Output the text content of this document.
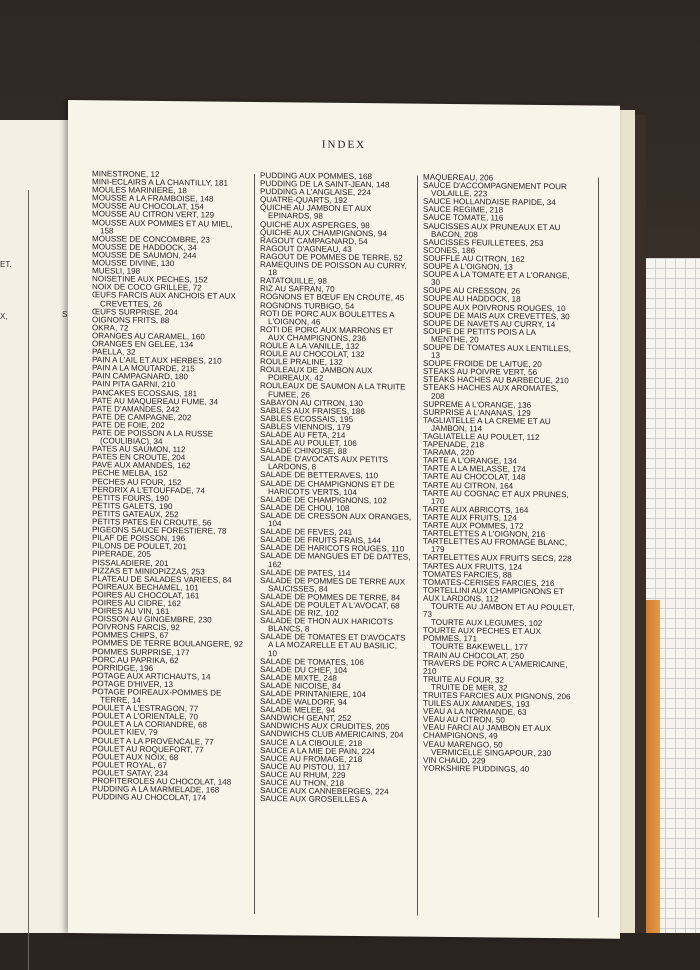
ET.
S
X,
INDEX
MINESTRONE, 12
MINI-ECLAIRS A LA CHANTILLY, 181
MOULES MARINIERE, 18
MOUSSE A LA FRAMBOISE, 148
MOUSSE AU CHOCOLAT, 154
MOUSSE AU CITRON VERT, 129
MOUSSE AUX POMMES ET AU MIEL,
158
MOUSSE DE CONCOMBRE, 23
MOUSSE DE HADDOCK, 34
MOUSSE DE SAUMON, 244
MOUSSE DIVINE, 130
MUESLI, 198
NOISETINE AUX PECHES, 152
NOIX DE COCO GRILLEE, 72
ŒUFS FARCIS AUX ANCHOIS ET AUX
CREVETTES, 26
ŒUFS SURPRISE, 204
OIGNONS FRITS, 88
OKRA, 72
ORANGES AU CARAMEL, 160
ORANGES EN GELEE, 134
PAELLA, 32
PAIN A L'AIL ET AUX HERBES, 210
PAIN A LA MOUTARDE, 215
PAIN CAMPAGNARD, 180
PAIN PITA GARNI, 210
PANCAKES ECOSSAIS, 181
PATE AU MAQUEREAU FUME, 34
PATE D'AMANDES, 242
PATE DE CAMPAGNE, 202
PATE DE FOIE, 202
PATE DE POISSON A LA RUSSE
(COULIBIAC), 34
PATES AU SAUMON, 112
PATES EN CROUTE, 204
PAVE AUX AMANDES, 162
PECHE MELBA, 152
PECHES AU FOUR, 152
PERDRIX A L'ETOUFFADE, 74
PETITS FOURS, 190
PETITS GALETS, 190
PETITS GATEAUX, 252
PETITS PATES EN CROUTE, 56
PIGEONS SAUCE FORESTIERE, 78
PILAF DE POISSON, 196
PILONS DE POULET, 201
PIPERADE, 205
PISSALADIERE, 201
PIZZAS ET MINIOPIZZAS, 253
PLATEAU DE SALADES VARIEES, 84
POIREAUX BECHAMEL, 101
POIRES AU CHOCOLAT, 161
POIRES AU CIDRE, 162
POIRES AU VIN, 161
POISSON AU GINGEMBRE, 230
POIVRONS FARCIS, 92
POMMES CHIPS, 67
POMMES DE TERRE BOULANGERE, 92
POMMES SURPRISE, 177
PORC AU PAPRIKA, 62
PORRIDGE, 196
POTAGE AUX ARTICHAUTS, 14
POTAGE D'HIVER, 13
POTAGE POIREAUX-POMMES DE
TERRE, 14
POULET A L'ESTRAGON, 77
POULET A L'ORIENTALE, 70
POULET A LA CORIANDRE, 68
POULET KIEV, 79
POULET A LA PROVENCALE, 77
POULET AU ROQUEFORT, 77
POULET AUX NOIX, 68
POULET ROYAL, 67
POULET SATAY, 234
PROFITEROLES AU CHOCOLAT, 148
PUDDING A LA MARMELADE, 168
PUDDING AU CHOCOLAT, 174
PUDDING AUX POMMES, 168
PUDDING DE LA SAINT-JEAN, 148
PUDDING A L'ANGLAISE, 224
QUATRE-QUARTS, 192
QUICHE AU JAMBON ET AUX
EPINARDS, 98
QUICHE AUX ASPERGES, 98
QUICHE AUX CHAMPIGNONS, 94
RAGOUT CAMPAGNARD, 54
RAGOUT D'AGNEAU, 43
RAGOUT DE POMMES DE TERRE, 52
RAMEQUINS DE POISSON AU CURRY,
18
RATATOUILLE, 98
RIZ AU SAFRAN, 70
ROGNONS ET BŒUF EN CROUTE, 45
ROGNONS TURBIGO, 54
ROTI DE PORC AUX BOULETTES A
L'OIGNON, 46
ROTI DE PORC AUX MARRONS ET
AUX CHAMPIGNONS, 236
ROULE A LA VANILLE, 132
ROULE AU CHOCOLAT, 132
ROULE PRALINE, 132
ROULEAUX DE JAMBON AUX
POIREAUX, 42
ROULEAUX DE SAUMON A LA TRUITE
FUMEE, 26
SABAYON AU CITRON, 130
SABLES AUX FRAISES, 186
SABLES ECOSSAIS, 195
SABLES VIENNOIS, 179
SALADE AU FETA, 214
SALADE AU POULET, 106
SALADE CHINOISE, 88
SALADE D'AVOCATS AUX PETITS
LARDONS, 8
SALADE DE BETTERAVES, 110
SALADE DE CHAMPIGNONS ET DE
HARICOTS VERTS, 104
SALADE DE CHAMPIGNONS, 102
SALADE DE CHOU, 108
SALADE DE CRESSON AUX ORANGES,
104
SALADE DE FEVES, 241
SALADE DE FRUITS FRAIS, 144
SALADE DE HARICOTS ROUGES, 110
SALADE DE MANGUES ET DE DATTES,
162
SALADE DE PATES, 114
SALADE DE POMMES DE TERRE AUX
SAUCISSES, 84
SALADE DE POMMES DE TERRE, 84
SALADE DE POULET A L'AVOCAT, 68
SALADE DE RIZ, 102
SALADE DE THON AUX HARICOTS
BLANCS, 8
SALADE DE TOMATES ET D'AVOCATS
A LA MOZARELLE ET AU BASILIC,
10
SALADE DE TOMATES, 106
SALADE DU CHEF, 104
SALADE MIXTE, 248
SALADE NICOISE, 84
SALADE PRINTANIERE, 104
SALADE WALDORF, 94
SALADE MELEE, 94
SANDWICH GEANT, 252
SANDWICHS AUX CRUDITES, 205
SANDWICHS CLUB AMERICAINS, 204
SAUCE A LA CIBOULE, 218
SAUCE A LA MIE DE PAIN, 224
SAUCE AU FROMAGE, 218
SAUCE AU PISTOU, 117
SAUCE AU RHUM, 229
SAUCE AU THON, 218
SAUCE AUX CANNEBERGES, 224
SAUCE AUX GROSEILLES A
MAQUEREAU, 206
SAUCE D'ACCOMPAGNEMENT POUR
VOLAILLE, 223
SAUCE HOLLANDAISE RAPIDE, 34
SAUCE REGIME, 218
SAUCE TOMATE, 116
SAUCISSES AUX PRUNEAUX ET AU
BACON, 208
SAUCISSES FEUILLETEES, 253
SCONES, 186
SOUFFLE AU CITRON, 162
SOUPE A L'OIGNON, 13
SOUPE A LA TOMATE ET A L'ORANGE,
30
SOUPE AU CRESSON, 26
SOUPE AU HADDOCK, 18
SOUPE AUX POIVRONS ROUGES, 10
SOUPE DE MAIS AUX CREVETTES, 30
SOUPE DE NAVETS AU CURRY, 14
SOUPE DE PETITS POIS A LA
MENTHE, 20
SOUPE DE TOMATES AUX LENTILLES,
13
SOUPE FROIDE DE LAITUE, 20
STEAKS AU POIVRE VERT, 56
STEAKS HACHES AU BARBECUE, 210
STEAKS HACHES AUX AROMATES,
208
SUPREME A L'ORANGE, 136
SURPRISE A L'ANANAS, 129
TAGLIATELLE A LA CREME ET AU
JAMBON, 114
TAGLIATELLE AU POULET, 112
TAPENADE, 218
TARAMA, 220
TARTE A L'ORANGE, 134
TARTE A LA MELASSE, 174
TARTE AU CHOCOLAT, 148
TARTE AU CITRON, 164
TARTE AU COGNAC ET AUX PRUNES,
170
TARTE AUX ABRICOTS, 164
TARTE AUX FRUITS, 124
TARTE AUX POMMES, 172
TARTELETTES A L'OIGNON, 216
TARTELETTES AU FROMAGE BLANC,
179
TARTELETTES AUX FRUITS SECS, 228
TARTES AUX FRUITS, 124
TOMATES FARCIES, 88
TOMATES-CERISES FARCIES, 216
TORTELLINI AUX CHAMPIGNONS ET
AUX LARDONS, 112
TOURTE AU JAMBON ET AU POULET,
73
TOURTE AUX LEGUMES, 102
TOURTE AUX PECHES ET AUX
POMMES, 171
TOURTE BAKEWELL, 177
TRAIN AU CHOCOLAT, 250
TRAVERS DE PORC A L'AMERICAINE,
210
TRUITE AU FOUR, 32
TRUITE DE MER, 32
TRUITES FARCIES AUX PIGNONS, 206
TUILES AUX AMANDES, 193
VEAU A LA NORMANDE, 63
VEAU AU CITRON, 50
VEAU FARCI AU JAMBON ET AUX
CHAMPIGNONS, 49
VEAU MARENGO, 50
VERMICELLE SINGAPOUR, 230
VIN CHAUD, 229
YORKSHIRE PUDDINGS, 40
